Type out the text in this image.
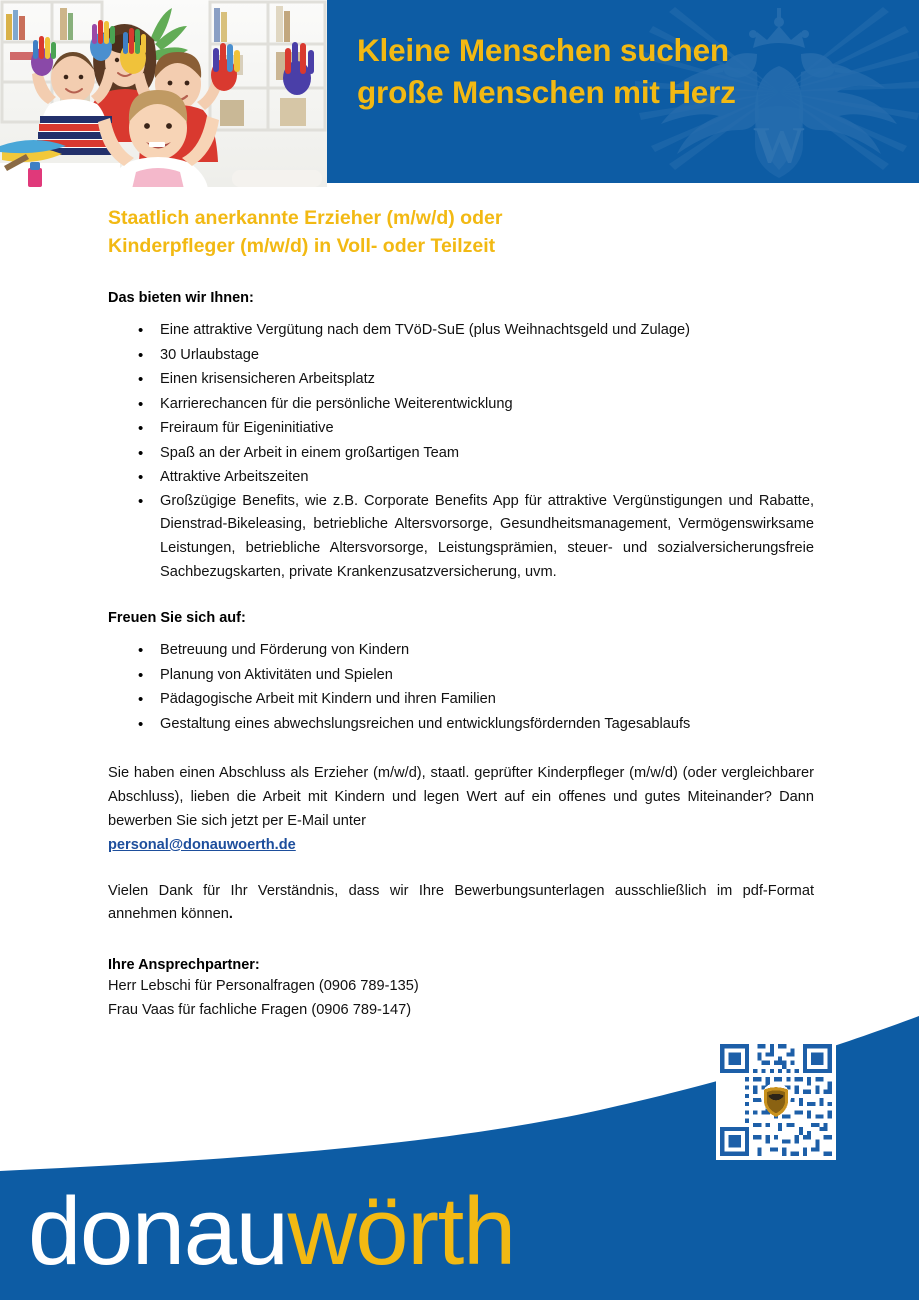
W
Kleine Menschen suchen
große Menschen mit Herz
Staatlich anerkannte Erzieher (m/w/d) oder
Kinderpfleger (m/w/d) in Voll- oder Teilzeit
Das bieten wir Ihnen:
• Eine attraktive Vergütung nach dem TVöD-SuE (plus Weihnachtsgeld und Zulage)
• 30 Urlaubstage
• Einen krisensicheren Arbeitsplatz
• Karrierechancen für die persönliche Weiterentwicklung
• Freiraum für Eigeninitiative
• Spaß an der Arbeit in einem großartigen Team
• Attraktive Arbeitszeiten
• Großzügige Benefits, wie z.B. Corporate Benefits App für attraktive Vergünstigungen und Rabatte, Dienstrad-Bikeleasing, betriebliche Altersvorsorge, Gesundheitsmanagement, Vermögenswirksame Leistungen, betriebliche Altersvorsorge, Leistungsprämien, steuer- und sozialversicherungsfreie Sachbezugskarten, private Krankenzusatzversicherung, uvm.
Freuen Sie sich auf:
• Betreuung und Förderung von Kindern
• Planung von Aktivitäten und Spielen
• Pädagogische Arbeit mit Kindern und ihren Familien
• Gestaltung eines abwechslungsreichen und entwicklungsfördernden Tagesablaufs

Sie haben einen Abschluss als Erzieher (m/w/d), staatl. geprüfter Kinderpfleger (m/w/d) (oder vergleichbarer Abschluss), lieben die Arbeit mit Kindern und legen Wert auf ein offenes und gutes Miteinander? Dann bewerben Sie sich jetzt per E-Mail unter
personal@donauwoerth.de

Vielen Dank für Ihr Verständnis, dass wir Ihre Bewerbungsunterlagen ausschließlich im pdf-Format annehmen können.

Ihre Ansprechpartner:
Herr Lebschi für Personalfragen (0906 789-135)
Frau Vaas für fachliche Fragen (0906 789-147)
donauwörth
